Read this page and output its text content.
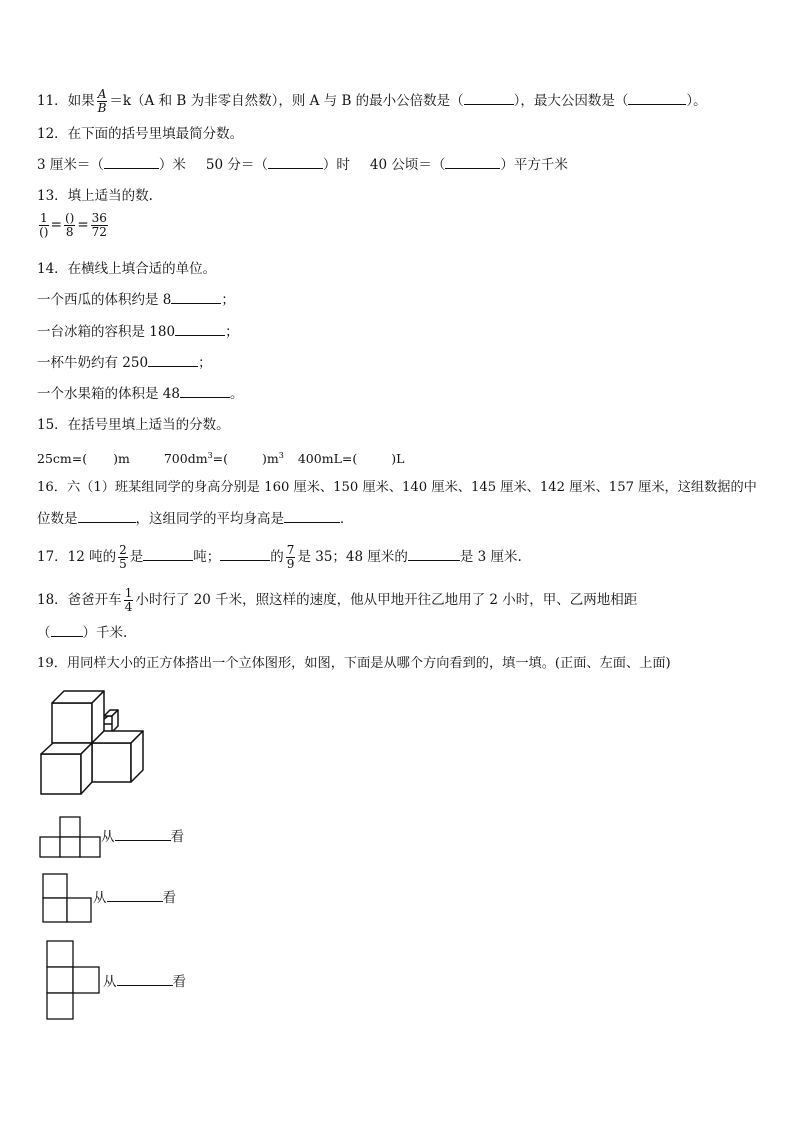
11．如果 $\frac{A}{B} =k(A$ 和 B 为非零自然数），则 A 与 B 的最小公倍数是（	），最大公因数是（	）。
12．在下面的括号里填最简分数。
3 厘米＝（	）米 50 分＝（	）时 40 公顷＝（	）平方千米
13．填上适当的数.
$\frac{1}{()} = \frac{()}{8} = \frac{36}{72}$
14．在横线上填合适的单位。
一个西瓜的体积约是 8	；
一台冰箱的容积是 180	；
一杯牛奶约有 250	；
一个水果箱的体积是 48	。
15．在括号里填上适当的分数。
25cm=( )m	$700dm^3=$(	)$m^3$ 400mL=(	)L
16．六（1）班某组同学的身高分别是 160 厘米、150 厘米、140 厘米、145 厘米、142 厘米、157 厘米，这组数据的中
位数是	，这组同学的平均身高是	．
17．12 吨的 $\frac{2}{5}$ 是	吨；	的 $\frac{7}{9}$ 是 35；48 厘米的	是 3 厘米.
18．爸爸开车 $\frac{1}{4}$ 小时行了 20 千米，照这样的速度，他从甲地开往乙地用了 2 小时，甲、乙两地相距
（ ）千米.
19．用同样大小的正方体搭出一个立体图形，如图，下面是从哪个方向看到的，填一填。(正面、左面、上面)
从	看
从	看
从	看
